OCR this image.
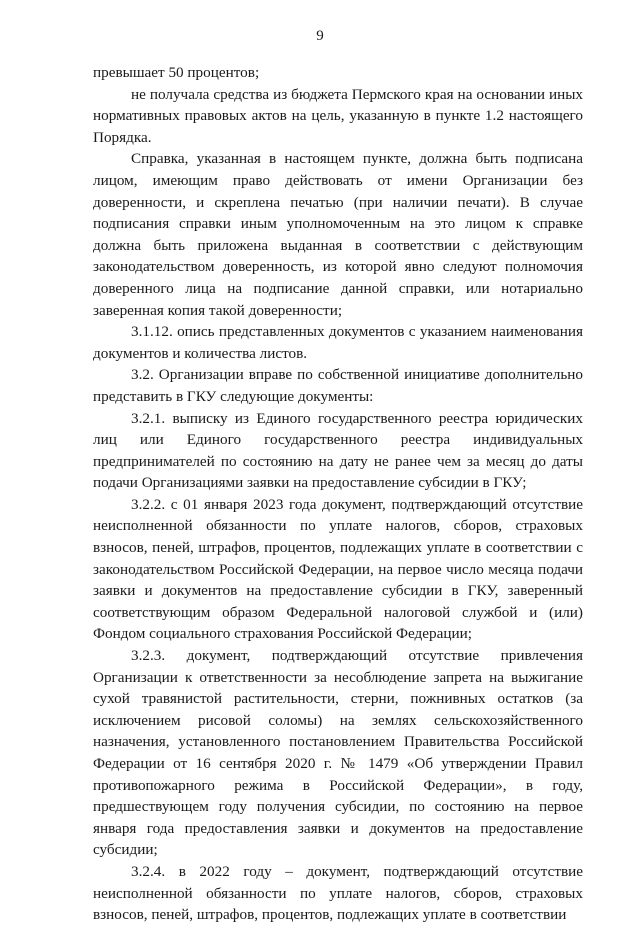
9

превышает 50 процентов;

не получала средства из бюджета Пермского края на основании иных нормативных правовых актов на цель, указанную в пункте 1.2 настоящего Порядка.

Справка, указанная в настоящем пункте, должна быть подписана лицом, имеющим право действовать от имени Организации без доверенности, и скреплена печатью (при наличии печати). В случае подписания справки иным уполномоченным на это лицом к справке должна быть приложена выданная в соответствии с действующим законодательством доверенность, из которой явно следуют полномочия доверенного лица на подписание данной справки, или нотариально заверенная копия такой доверенности;

3.1.12. опись представленных документов с указанием наименования документов и количества листов.

3.2. Организации вправе по собственной инициативе дополнительно представить в ГКУ следующие документы:

3.2.1. выписку из Единого государственного реестра юридических лиц или Единого государственного реестра индивидуальных предпринимателей по состоянию на дату не ранее чем за месяц до даты подачи Организациями заявки на предоставление субсидии в ГКУ;

3.2.2. с 01 января 2023 года документ, подтверждающий отсутствие неисполненной обязанности по уплате налогов, сборов, страховых взносов, пеней, штрафов, процентов, подлежащих уплате в соответствии с законодательством Российской Федерации, на первое число месяца подачи заявки и документов на предоставление субсидии в ГКУ, заверенный соответствующим образом Федеральной налоговой службой и (или) Фондом социального страхования Российской Федерации;

3.2.3. документ, подтверждающий отсутствие привлечения Организации к ответственности за несоблюдение запрета на выжигание сухой травянистой растительности, стерни, пожнивных остатков (за исключением рисовой соломы) на землях сельскохозяйственного назначения, установленного постановлением Правительства Российской Федерации от 16 сентября 2020 г. № 1479 «Об утверждении Правил противопожарного режима в Российской Федерации», в году, предшествующем году получения субсидии, по состоянию на первое января года предоставления заявки и документов на предоставление субсидии;

3.2.4. в 2022 году – документ, подтверждающий отсутствие неисполненной обязанности по уплате налогов, сборов, страховых взносов, пеней, штрафов, процентов, подлежащих уплате в соответствии
